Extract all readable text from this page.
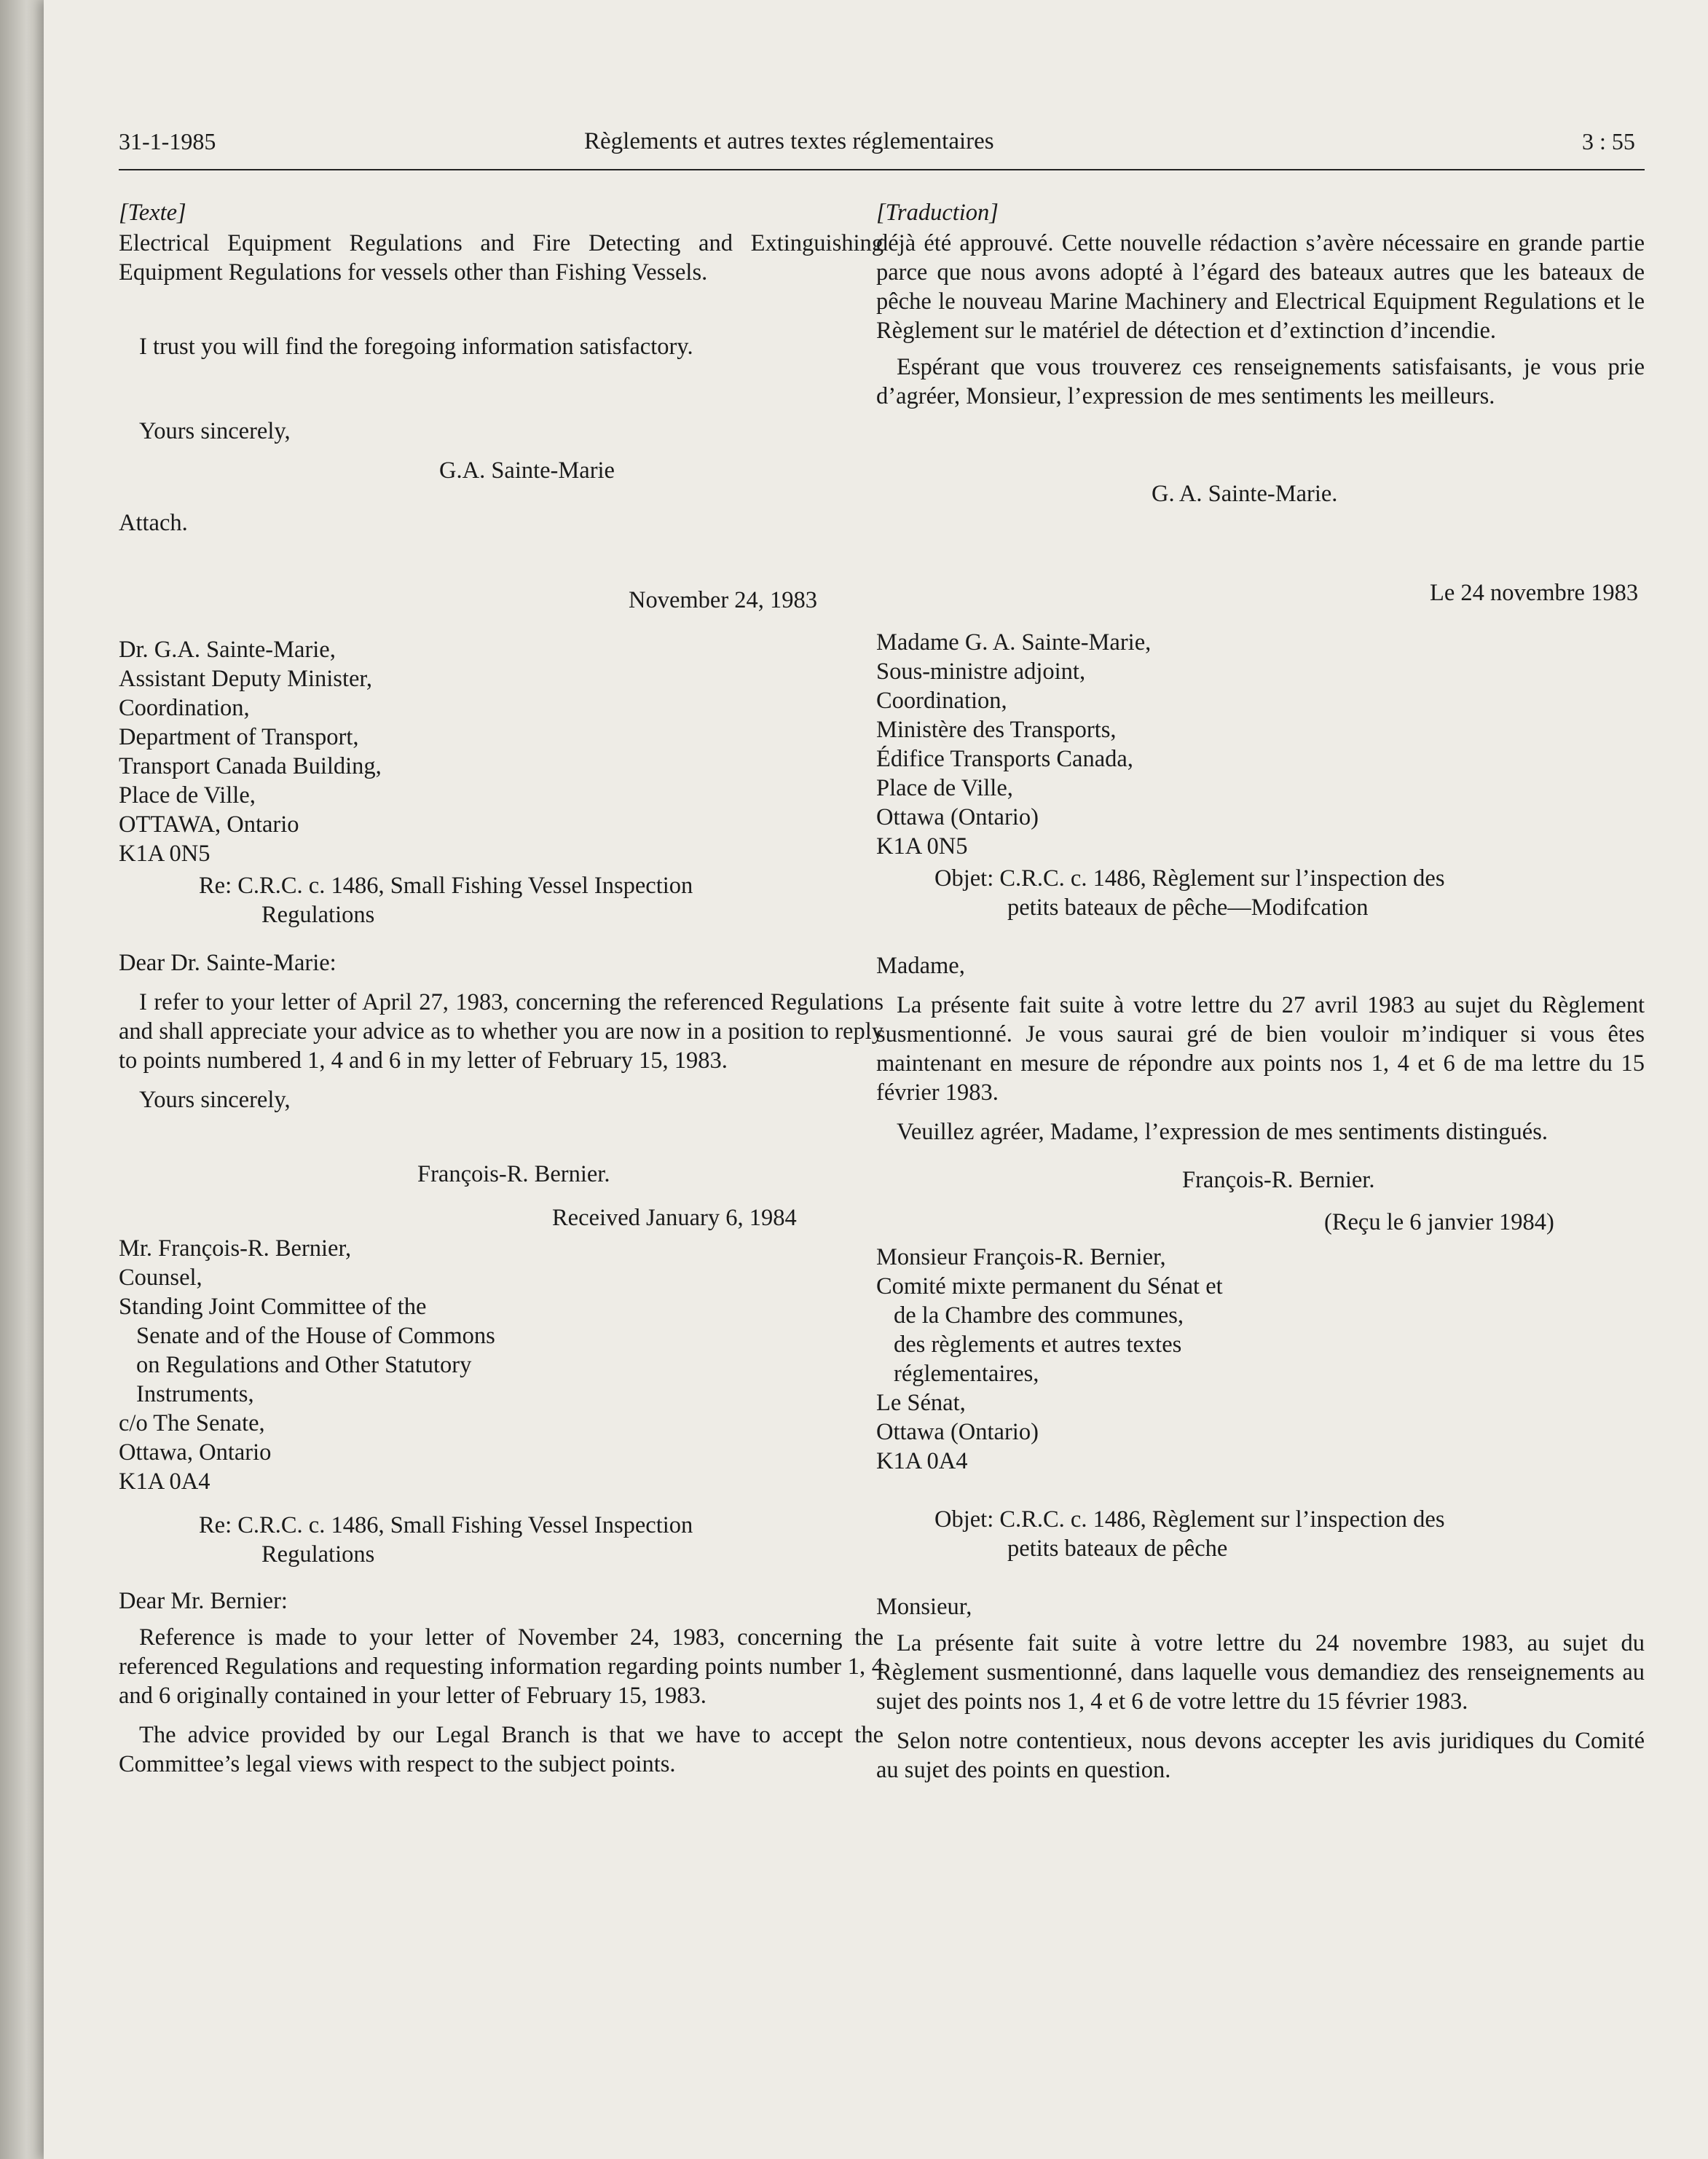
31-1-1985	Règlements et autres textes réglementaires	3 : 55

[Texte]

Electrical Equipment Regulations and Fire Detecting and Extinguishing Equipment Regulations for vessels other than Fishing Vessels.

I trust you will find the foregoing information satisfactory.

Yours sincerely,

G.A. Sainte-Marie

Attach.

November 24, 1983

Dr. G.A. Sainte-Marie,

Assistant Deputy Minister,

Coordination,

Department of Transport,

Transport Canada Building,

Place de Ville,

OTTAWA, Ontario

K1A 0N5

Re: C.R.C. c. 1486, Small Fishing Vessel Inspection

Regulations

Dear Dr. Sainte-Marie:

I refer to your letter of April 27, 1983, concerning the referenced Regulations and shall appreciate your advice as to whether you are now in a position to reply to points numbered 1, 4 and 6 in my letter of February 15, 1983.

Yours sincerely,

François-R. Bernier.

Received January 6, 1984

Mr. François-R. Bernier,

Counsel,

Standing Joint Committee of the

Senate and of the House of Commons

on Regulations and Other Statutory

Instruments,

c/o The Senate,

Ottawa, Ontario

K1A 0A4

Re: C.R.C. c. 1486, Small Fishing Vessel Inspection

Regulations

Dear Mr. Bernier:

Reference is made to your letter of November 24, 1983, concerning the referenced Regulations and requesting information regarding points number 1, 4 and 6 originally contained in your letter of February 15, 1983.

The advice provided by our Legal Branch is that we have to accept the Committee’s legal views with respect to the subject points.

[Traduction]

déjà été approuvé. Cette nouvelle rédaction s’avère nécessaire en grande partie parce que nous avons adopté à l’égard des bateaux autres que les bateaux de pêche le nouveau Marine Machinery and Electrical Equipment Regulations et le Règlement sur le matériel de détection et d’extinction d’incendie.

Espérant que vous trouverez ces renseignements satisfaisants, je vous prie d’agréer, Monsieur, l’expression de mes sentiments les meilleurs.

G. A. Sainte-Marie.

Le 24 novembre 1983

Madame G. A. Sainte-Marie,

Sous-ministre adjoint,

Coordination,

Ministère des Transports,

Édifice Transports Canada,

Place de Ville,

Ottawa (Ontario)

K1A 0N5

Objet: C.R.C. c. 1486, Règlement sur l’inspection des

petits bateaux de pêche—Modifcation

Madame,

La présente fait suite à votre lettre du 27 avril 1983 au sujet du Règlement susmentionné. Je vous saurai gré de bien vouloir m’indiquer si vous êtes maintenant en mesure de répondre aux points nos 1, 4 et 6 de ma lettre du 15 février 1983.

Veuillez agréer, Madame, l’expression de mes sentiments distingués.

François-R. Bernier.

(Reçu le 6 janvier 1984)

Monsieur François-R. Bernier,

Comité mixte permanent du Sénat et

de la Chambre des communes,

des règlements et autres textes

réglementaires,

Le Sénat,

Ottawa (Ontario)

K1A 0A4

Objet: C.R.C. c. 1486, Règlement sur l’inspection des

petits bateaux de pêche

Monsieur,

La présente fait suite à votre lettre du 24 novembre 1983, au sujet du Règlement susmentionné, dans laquelle vous demandiez des renseignements au sujet des points nos 1, 4 et 6 de votre lettre du 15 février 1983.

Selon notre contentieux, nous devons accepter les avis juridiques du Comité au sujet des points en question.
